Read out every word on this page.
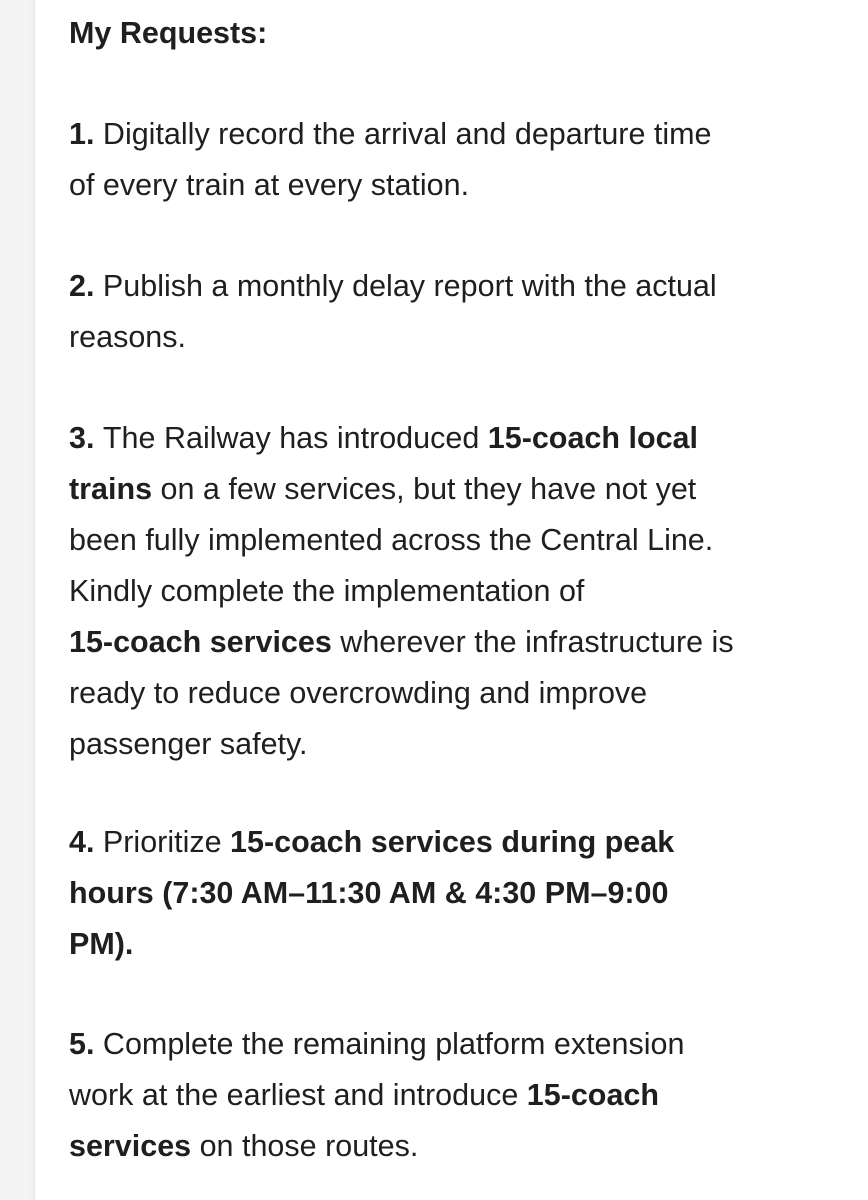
My Requests:
1. Digitally record the arrival and departure time
of every train at every station.
2. Publish a monthly delay report with the actual
reasons.
3. The Railway has introduced 15-coach local
trains on a few services, but they have not yet
been fully implemented across the Central Line.
Kindly complete the implementation of
15-coach services wherever the infrastructure is
ready to reduce overcrowding and improve
passenger safety.
4. Prioritize 15-coach services during peak
hours (7:30 AM–11:30 AM & 4:30 PM–9:00
PM).
5. Complete the remaining platform extension
work at the earliest and introduce 15-coach
services on those routes.
